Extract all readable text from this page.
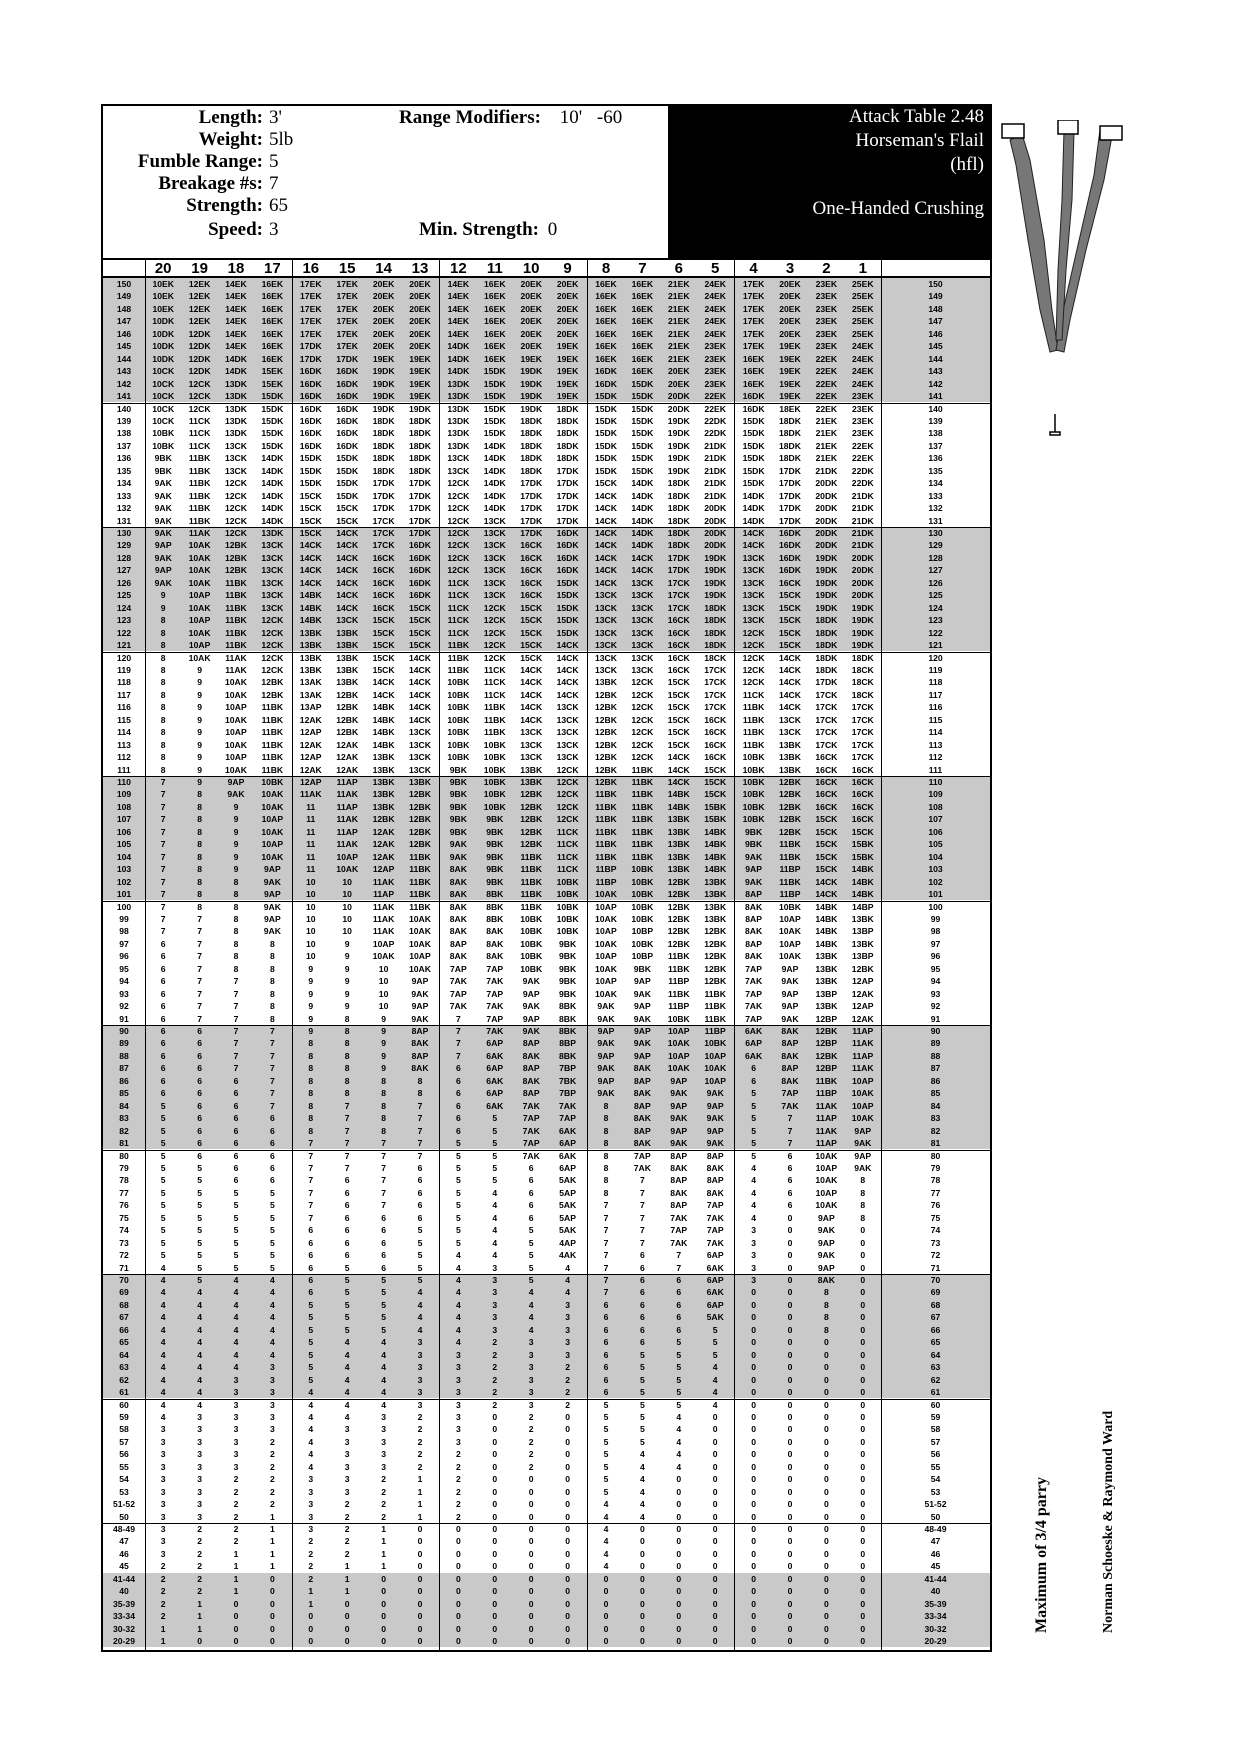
Length: 3'
Weight: 5lb
Fumble Range: 5
Breakage #s: 7
Strength: 65
Speed: 3
Range Modifiers: 10' -60
Min. Strength: 0
Attack Table 2.48
Horseman's Flail
(hfl)
One-Handed Crushing
20	19	18	17	16	15	14	13	12	11	10	9	8	7	6	5	4	3	2	1
150	10EK	12EK	14EK	16EK	17EK	17EK	20EK	20EK	14EK	16EK	20EK	20EK	16EK	16EK	21EK	24EK	17EK	20EK	23EK	25EK	150
149	10EK	12EK	14EK	16EK	17EK	17EK	20EK	20EK	14EK	16EK	20EK	20EK	16EK	16EK	21EK	24EK	17EK	20EK	23EK	25EK	149
148	10EK	12EK	14EK	16EK	17EK	17EK	20EK	20EK	14EK	16EK	20EK	20EK	16EK	16EK	21EK	24EK	17EK	20EK	23EK	25EK	148
147	10DK	12EK	14EK	16EK	17EK	17EK	20EK	20EK	14EK	16EK	20EK	20EK	16EK	16EK	21EK	24EK	17EK	20EK	23EK	25EK	147
146	10DK	12DK	14EK	16EK	17EK	17EK	20EK	20EK	14EK	16EK	20EK	20EK	16EK	16EK	21EK	24EK	17EK	20EK	23EK	25EK	146
145	10DK	12DK	14EK	16EK	17DK	17EK	20EK	20EK	14DK	16EK	20EK	19EK	16EK	16EK	21EK	23EK	17EK	19EK	23EK	24EK	145
144	10DK	12DK	14DK	16EK	17DK	17DK	19EK	19EK	14DK	16EK	19EK	19EK	16EK	16EK	21EK	23EK	16EK	19EK	22EK	24EK	144
143	10CK	12DK	14DK	15EK	16DK	16DK	19DK	19EK	14DK	15DK	19DK	19EK	16DK	16EK	20EK	23EK	16EK	19EK	22EK	24EK	143
142	10CK	12CK	13DK	15EK	16DK	16DK	19DK	19EK	13DK	15DK	19DK	19EK	16DK	15DK	20EK	23EK	16EK	19EK	22EK	24EK	142
141	10CK	12CK	13DK	15DK	16DK	16DK	19DK	19EK	13DK	15DK	19DK	19EK	15DK	15DK	20DK	22EK	16DK	19EK	22EK	23EK	141
140	10CK	12CK	13DK	15DK	16DK	16DK	19DK	19DK	13DK	15DK	19DK	18DK	15DK	15DK	20DK	22EK	16DK	18EK	22EK	23EK	140
139	10CK	11CK	13DK	15DK	16DK	16DK	18DK	18DK	13DK	15DK	18DK	18DK	15DK	15DK	19DK	22DK	15DK	18DK	21EK	23EK	139
138	10BK	11CK	13DK	15DK	16DK	16DK	18DK	18DK	13DK	15DK	18DK	18DK	15DK	15DK	19DK	22DK	15DK	18DK	21EK	23EK	138
137	10BK	11CK	13CK	15DK	16DK	16DK	18DK	18DK	13DK	14DK	18DK	18DK	15DK	15DK	19DK	21DK	15DK	18DK	21EK	22EK	137
136	9BK	11BK	13CK	14DK	15DK	15DK	18DK	18DK	13CK	14DK	18DK	18DK	15DK	15DK	19DK	21DK	15DK	18DK	21EK	22EK	136
135	9BK	11BK	13CK	14DK	15DK	15DK	18DK	18DK	13CK	14DK	18DK	17DK	15DK	15DK	19DK	21DK	15DK	17DK	21DK	22DK	135
134	9AK	11BK	12CK	14DK	15DK	15DK	17DK	17DK	12CK	14DK	17DK	17DK	15CK	14DK	18DK	21DK	15DK	17DK	20DK	22DK	134
133	9AK	11BK	12CK	14DK	15CK	15DK	17DK	17DK	12CK	14DK	17DK	17DK	14CK	14DK	18DK	21DK	14DK	17DK	20DK	21DK	133
132	9AK	11BK	12CK	14DK	15CK	15CK	17DK	17DK	12CK	14DK	17DK	17DK	14CK	14DK	18DK	20DK	14DK	17DK	20DK	21DK	132
131	9AK	11BK	12CK	14DK	15CK	15CK	17CK	17DK	12CK	13CK	17DK	17DK	14CK	14DK	18DK	20DK	14DK	17DK	20DK	21DK	131
130	9AK	11AK	12CK	13DK	15CK	14CK	17CK	17DK	12CK	13CK	17DK	16DK	14CK	14DK	18DK	20DK	14CK	16DK	20DK	21DK	130
129	9AP	10AK	12BK	13CK	14CK	14CK	17CK	16DK	12CK	13CK	16CK	16DK	14CK	14DK	18DK	20DK	14CK	16DK	20DK	21DK	129
128	9AK	10AK	12BK	13CK	14CK	14CK	16CK	16DK	12CK	13CK	16CK	16DK	14CK	14CK	17DK	19DK	13CK	16DK	19DK	20DK	128
127	9AP	10AK	12BK	13CK	14CK	14CK	16CK	16DK	12CK	13CK	16CK	16DK	14CK	14CK	17DK	19DK	13CK	16DK	19DK	20DK	127
126	9AK	10AK	11BK	13CK	14CK	14CK	16CK	16DK	11CK	13CK	16CK	15DK	14CK	13CK	17CK	19DK	13CK	16CK	19DK	20DK	126
125	9	10AP	11BK	13CK	14BK	14CK	16CK	16DK	11CK	13CK	16CK	15DK	13CK	13CK	17CK	19DK	13CK	15CK	19DK	20DK	125
124	9	10AK	11BK	13CK	14BK	14CK	16CK	15CK	11CK	12CK	15CK	15DK	13CK	13CK	17CK	18DK	13CK	15CK	19DK	19DK	124
123	8	10AP	11BK	12CK	14BK	13CK	15CK	15CK	11CK	12CK	15CK	15DK	13CK	13CK	16CK	18DK	13CK	15CK	18DK	19DK	123
122	8	10AK	11BK	12CK	13BK	13BK	15CK	15CK	11CK	12CK	15CK	15DK	13CK	13CK	16CK	18DK	12CK	15CK	18DK	19DK	122
121	8	10AP	11BK	12CK	13BK	13BK	15CK	15CK	11BK	12CK	15CK	14CK	13CK	13CK	16CK	18DK	12CK	15CK	18DK	19DK	121
120	8	10AK	11AK	12CK	13BK	13BK	15CK	14CK	11BK	12CK	15CK	14CK	13CK	13CK	16CK	18CK	12CK	14CK	18DK	18DK	120
119	8	9	11AK	12CK	13BK	13BK	15CK	14CK	11BK	11CK	14CK	14CK	13CK	13CK	16CK	17CK	12CK	14CK	18DK	18CK	119
118	8	9	10AK	12BK	13AK	13BK	14CK	14CK	10BK	11CK	14CK	14CK	13BK	12CK	15CK	17CK	12CK	14CK	17DK	18CK	118
117	8	9	10AK	12BK	13AK	12BK	14CK	14CK	10BK	11CK	14CK	14CK	12BK	12CK	15CK	17CK	11CK	14CK	17CK	18CK	117
116	8	9	10AP	11BK	13AP	12BK	14BK	14CK	10BK	11BK	14CK	13CK	12BK	12CK	15CK	17CK	11BK	14CK	17CK	17CK	116
115	8	9	10AK	11BK	12AK	12BK	14BK	14CK	10BK	11BK	14CK	13CK	12BK	12CK	15CK	16CK	11BK	13CK	17CK	17CK	115
114	8	9	10AP	11BK	12AP	12BK	14BK	13CK	10BK	11BK	13CK	13CK	12BK	12CK	15CK	16CK	11BK	13CK	17CK	17CK	114
113	8	9	10AK	11BK	12AK	12AK	14BK	13CK	10BK	10BK	13CK	13CK	12BK	12CK	15CK	16CK	11BK	13BK	17CK	17CK	113
112	8	9	10AP	11BK	12AP	12AK	13BK	13CK	10BK	10BK	13CK	13CK	12BK	12CK	14CK	16CK	10BK	13BK	16CK	17CK	112
111	8	9	10AK	11BK	12AK	12AK	13BK	13CK	9BK	10BK	13BK	12CK	12BK	11BK	14CK	15CK	10BK	13BK	16CK	16CK	111
110	7	9	9AP	10BK	12AP	11AP	13BK	13BK	9BK	10BK	13BK	12CK	12BK	11BK	14CK	15CK	10BK	12BK	16CK	16CK	110
109	7	8	9AK	10AK	11AK	11AK	13BK	12BK	9BK	10BK	12BK	12CK	11BK	11BK	14BK	15CK	10BK	12BK	16CK	16CK	109
108	7	8	9	10AK	11	11AP	13BK	12BK	9BK	10BK	12BK	12CK	11BK	11BK	14BK	15BK	10BK	12BK	16CK	16CK	108
107	7	8	9	10AP	11	11AK	12BK	12BK	9BK	9BK	12BK	12CK	11BK	11BK	13BK	15BK	10BK	12BK	15CK	16CK	107
106	7	8	9	10AK	11	11AP	12AK	12BK	9BK	9BK	12BK	11CK	11BK	11BK	13BK	14BK	9BK	12BK	15CK	15CK	106
105	7	8	9	10AP	11	11AK	12AK	12BK	9AK	9BK	12BK	11CK	11BK	11BK	13BK	14BK	9BK	11BK	15CK	15BK	105
104	7	8	9	10AK	11	10AP	12AK	11BK	9AK	9BK	11BK	11CK	11BK	11BK	13BK	14BK	9AK	11BK	15CK	15BK	104
103	7	8	9	9AP	11	10AK	12AP	11BK	8AK	9BK	11BK	11CK	11BP	10BK	13BK	14BK	9AP	11BP	15CK	14BK	103
102	7	8	8	9AK	10	10	11AK	11BK	8AK	9BK	11BK	10BK	11BP	10BK	12BK	13BK	9AK	11BK	14CK	14BK	102
101	7	8	8	9AP	10	10	11AP	11BK	8AK	8BK	11BK	10BK	10AK	10BK	12BK	13BK	8AP	11BP	14CK	14BK	101
100	7	8	8	9AK	10	10	11AK	11BK	8AK	8BK	11BK	10BK	10AP	10BK	12BK	13BK	8AK	10BK	14BK	14BP	100
99	7	7	8	9AP	10	10	11AK	10AK	8AK	8BK	10BK	10BK	10AK	10BK	12BK	13BK	8AP	10AP	14BK	13BK	99
98	7	7	8	9AK	10	10	11AK	10AK	8AK	8AK	10BK	10BK	10AP	10BP	12BK	12BK	8AK	10AK	14BK	13BP	98
97	6	7	8	8	10	9	10AP	10AK	8AP	8AK	10BK	9BK	10AK	10BK	12BK	12BK	8AP	10AP	14BK	13BK	97
96	6	7	8	8	10	9	10AK	10AP	8AK	8AK	10BK	9BK	10AP	10BP	11BK	12BK	8AK	10AK	13BK	13BP	96
95	6	7	8	8	9	9	10	10AK	7AP	7AP	10BK	9BK	10AK	9BK	11BK	12BK	7AP	9AP	13BK	12BK	95
94	6	7	7	8	9	9	10	9AP	7AK	7AK	9AK	9BK	10AP	9AP	11BP	12BK	7AK	9AK	13BK	12AP	94
93	6	7	7	8	9	9	10	9AK	7AP	7AP	9AP	9BK	10AK	9AK	11BK	11BK	7AP	9AP	13BP	12AK	93
92	6	7	7	8	9	9	10	9AP	7AK	7AK	9AK	8BK	9AK	9AP	11BP	11BK	7AK	9AP	13BK	12AP	92
91	6	7	7	8	9	8	9	9AK	7	7AP	9AP	8BK	9AK	9AK	10BK	11BK	7AP	9AK	12BP	12AK	91
90	6	6	7	7	9	8	9	8AP	7	7AK	9AK	8BK	9AP	9AP	10AP	11BP	6AK	8AK	12BK	11AP	90
89	6	6	7	7	8	8	9	8AK	7	6AP	8AP	8BP	9AK	9AK	10AK	10BK	6AP	8AP	12BP	11AK	89
88	6	6	7	7	8	8	9	8AP	7	6AK	8AK	8BK	9AP	9AP	10AP	10AP	6AK	8AK	12BK	11AP	88
87	6	6	7	7	8	8	9	8AK	6	6AP	8AP	7BP	9AK	8AK	10AK	10AK	6	8AP	12BP	11AK	87
86	6	6	6	7	8	8	8	8	6	6AK	8AK	7BK	9AP	8AP	9AP	10AP	6	8AK	11BK	10AP	86
85	6	6	6	7	8	8	8	8	6	6AP	8AP	7BP	9AK	8AK	9AK	9AK	5	7AP	11BP	10AK	85
84	5	6	6	7	8	7	8	7	6	6AK	7AK	7AK	8	8AP	9AP	9AP	5	7AK	11AK	10AP	84
83	5	6	6	6	8	7	8	7	6	5	7AP	7AP	8	8AK	9AK	9AK	5	7	11AP	10AK	83
82	5	6	6	6	8	7	8	7	6	5	7AK	6AK	8	8AP	9AP	9AP	5	7	11AK	9AP	82
81	5	6	6	6	7	7	7	7	5	5	7AP	6AP	8	8AK	9AK	9AK	5	7	11AP	9AK	81
80	5	6	6	6	7	7	7	7	5	5	7AK	6AK	8	7AP	8AP	8AP	5	6	10AK	9AP	80
79	5	5	6	6	7	7	7	6	5	5	6	6AP	8	7AK	8AK	8AK	4	6	10AP	9AK	79
78	5	5	6	6	7	6	7	6	5	5	6	5AK	8	7	8AP	8AP	4	6	10AK	8	78
77	5	5	5	5	7	6	7	6	5	4	6	5AP	8	7	8AK	8AK	4	6	10AP	8	77
76	5	5	5	5	7	6	7	6	5	4	6	5AK	7	7	8AP	7AP	4	6	10AK	8	76
75	5	5	5	5	7	6	6	6	5	4	6	5AP	7	7	7AK	7AK	4	0	9AP	8	75
74	5	5	5	5	6	6	6	5	5	4	5	5AK	7	7	7AP	7AP	3	0	9AK	0	74
73	5	5	5	5	6	6	6	5	5	4	5	4AP	7	7	7AK	7AK	3	0	9AP	0	73
72	5	5	5	5	6	6	6	5	4	4	5	4AK	7	6	7	6AP	3	0	9AK	0	72
71	4	5	5	5	6	5	6	5	4	3	5	4	7	6	7	6AK	3	0	9AP	0	71
70	4	5	4	4	6	5	5	5	4	3	5	4	7	6	6	6AP	3	0	8AK	0	70
69	4	4	4	4	6	5	5	4	4	3	4	4	7	6	6	6AK	0	0	8	0	69
68	4	4	4	4	5	5	5	4	4	3	4	3	6	6	6	6AP	0	0	8	0	68
67	4	4	4	4	5	5	5	4	4	3	4	3	6	6	6	5AK	0	0	8	0	67
66	4	4	4	4	5	5	5	4	4	3	4	3	6	6	6	5	0	0	8	0	66
65	4	4	4	4	5	4	4	3	4	2	3	3	6	6	5	5	0	0	0	0	65
64	4	4	4	4	5	4	4	3	3	2	3	3	6	5	5	5	0	0	0	0	64
63	4	4	4	3	5	4	4	3	3	2	3	2	6	5	5	4	0	0	0	0	63
62	4	4	3	3	5	4	4	3	3	2	3	2	6	5	5	4	0	0	0	0	62
61	4	4	3	3	4	4	4	3	3	2	3	2	6	5	5	4	0	0	0	0	61
60	4	4	3	3	4	4	4	3	3	2	3	2	5	5	5	4	0	0	0	0	60
59	4	3	3	3	4	4	3	2	3	0	2	0	5	5	4	0	0	0	0	0	59
58	3	3	3	3	4	3	3	2	3	0	2	0	5	5	4	0	0	0	0	0	58
57	3	3	3	2	4	3	3	2	3	0	2	0	5	5	4	0	0	0	0	0	57
56	3	3	3	2	4	3	3	2	2	0	2	0	5	4	4	0	0	0	0	0	56
55	3	3	3	2	4	3	3	2	2	0	2	0	5	4	4	0	0	0	0	0	55
54	3	3	2	2	3	3	2	1	2	0	0	0	5	4	0	0	0	0	0	0	54
53	3	3	2	2	3	3	2	1	2	0	0	0	5	4	0	0	0	0	0	0	53
51-52	3	3	2	2	3	2	2	1	2	0	0	0	4	4	0	0	0	0	0	0	51-52
50	3	3	2	1	3	2	2	1	2	0	0	0	4	4	0	0	0	0	0	0	50
48-49	3	2	2	1	3	2	1	0	0	0	0	0	4	0	0	0	0	0	0	0	48-49
47	3	2	2	1	2	2	1	0	0	0	0	0	4	0	0	0	0	0	0	0	47
46	3	2	1	1	2	2	1	0	0	0	0	0	4	0	0	0	0	0	0	0	46
45	2	2	1	1	2	1	1	0	0	0	0	0	4	0	0	0	0	0	0	0	45
41-44	2	2	1	0	2	1	0	0	0	0	0	0	0	0	0	0	0	0	0	0	41-44
40	2	2	1	0	1	1	0	0	0	0	0	0	0	0	0	0	0	0	0	0	40
35-39	2	1	0	0	1	0	0	0	0	0	0	0	0	0	0	0	0	0	0	0	35-39
33-34	2	1	0	0	0	0	0	0	0	0	0	0	0	0	0	0	0	0	0	0	33-34
30-32	1	1	0	0	0	0	0	0	0	0	0	0	0	0	0	0	0	0	0	0	30-32
20-29	1	0	0	0	0	0	0	0	0	0	0	0	0	0	0	0	0	0	0	0	20-29
Maximum of 3/4 parry	Norman Schoeske & Raymond Ward
